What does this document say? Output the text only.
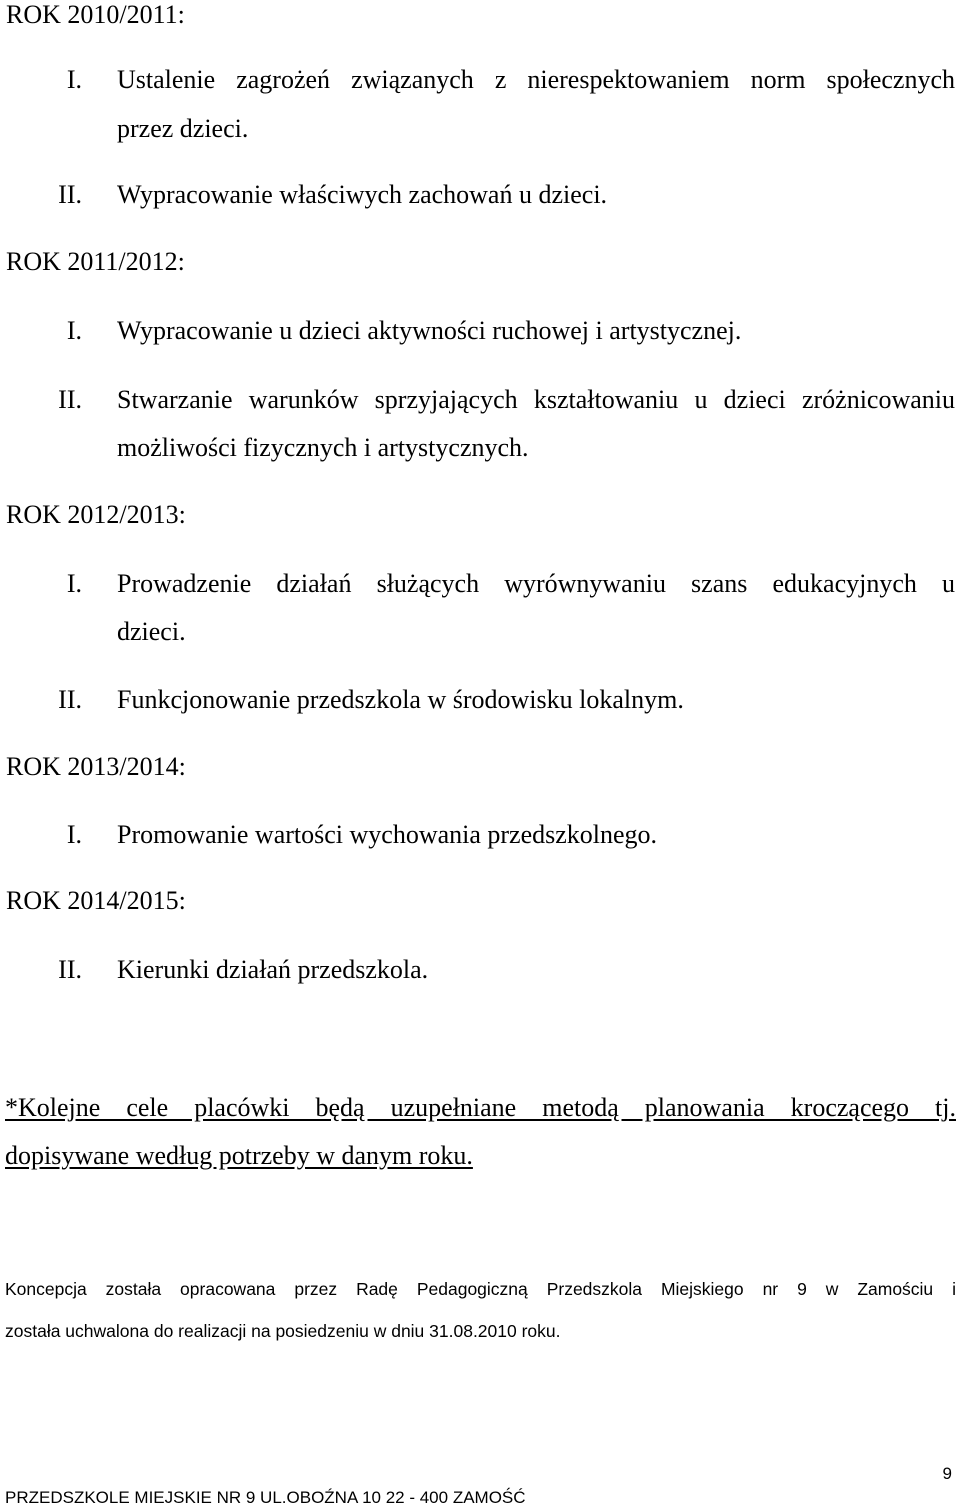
ROK 2010/2011:
I. Ustalenie zagrożeń związanych z nierespektowaniem norm społecznych
przez dzieci.
II. Wypracowanie właściwych zachowań u dzieci.
ROK 2011/2012:
I. Wypracowanie u dzieci aktywności ruchowej i artystycznej.
II. Stwarzanie warunków sprzyjających kształtowaniu u dzieci zróżnicowaniu
możliwości fizycznych i artystycznych.
ROK 2012/2013:
I. Prowadzenie działań służących wyrównywaniu szans edukacyjnych u
dzieci.
II. Funkcjonowanie przedszkola w środowisku lokalnym.
ROK 2013/2014:
I. Promowanie wartości wychowania przedszkolnego.
ROK 2014/2015:
II. Kierunki działań przedszkola.
*Kolejne cele placówki będą uzupełniane metodą planowania kroczącego tj.
dopisywane według potrzeby w danym roku.
Koncepcja została opracowana przez Radę Pedagogiczną Przedszkola Miejskiego nr 9 w Zamościu i
została uchwalona do realizacji na posiedzeniu w dniu 31.08.2010 roku.
9
PRZEDSZKOLE MIEJSKIE NR 9 UL.OBOŹNA 10 22 - 400 ZAMOŚĆ
